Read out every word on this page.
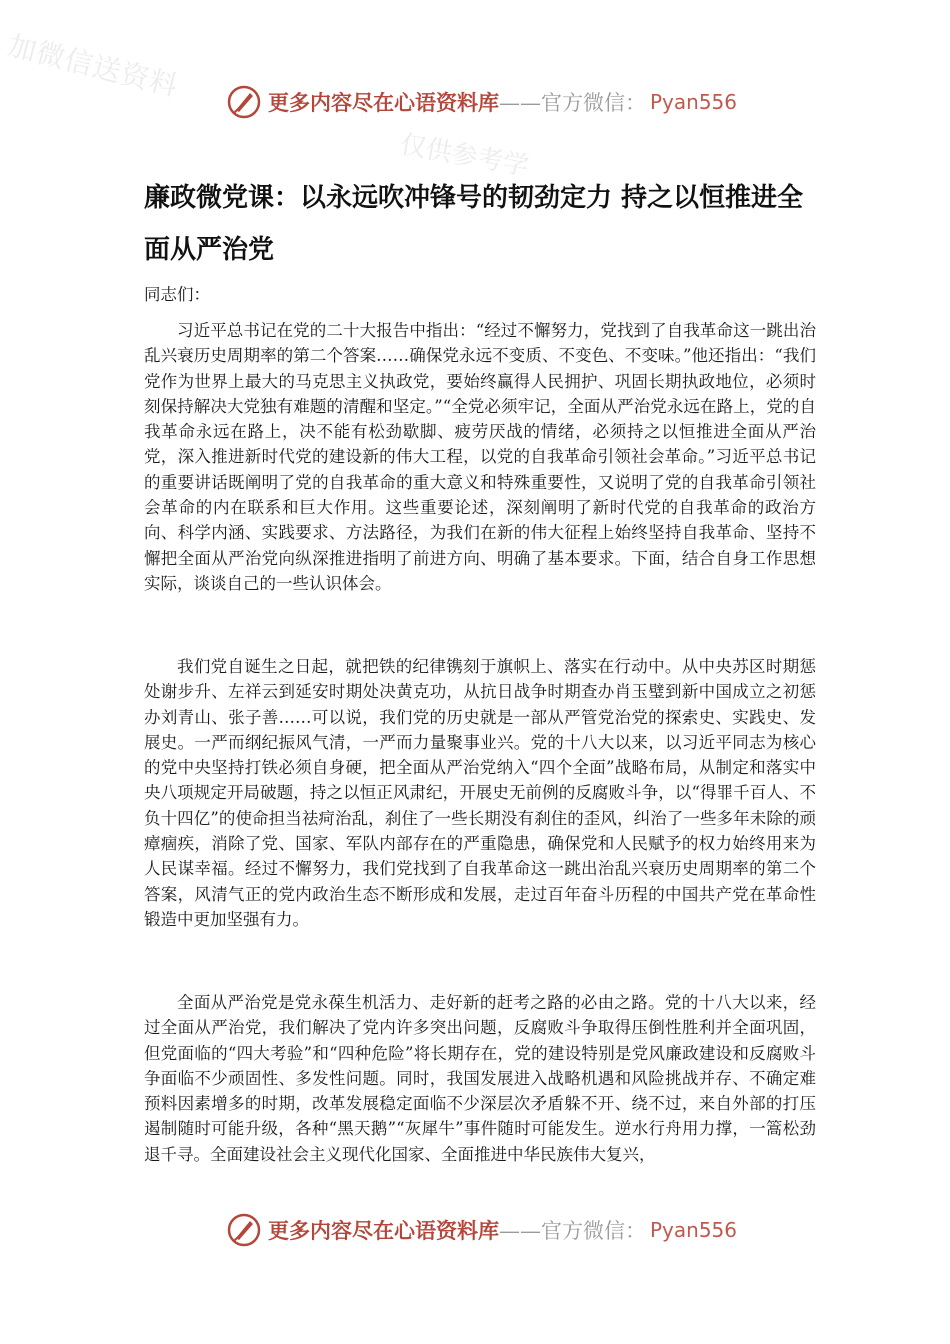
加微信送资料
仅供参考学
更多内容尽在心语资料库 ——官方微信： Pyan556
廉政微党课：以永远吹冲锋号的韧劲定力 持之以恒推进全面从严治党
同志们：

习近平总书记在党的二十大报告中指出：“经过不懈努力，党找到了自我革命这一跳出治乱兴衰历史周期率的第二个答案……确保党永远不变质、不变色、不变味。”他还指出：“我们党作为世界上最大的马克思主义执政党，要始终赢得人民拥护、巩固长期执政地位，必须时刻保持解决大党独有难题的清醒和坚定。”“全党必须牢记，全面从严治党永远在路上，党的自我革命永远在路上，决不能有松劲歇脚、疲劳厌战的情绪，必须持之以恒推进全面从严治党，深入推进新时代党的建设新的伟大工程，以党的自我革命引领社会革命。”习近平总书记的重要讲话既阐明了党的自我革命的重大意义和特殊重要性，又说明了党的自我革命引领社会革命的内在联系和巨大作用。这些重要论述，深刻阐明了新时代党的自我革命的政治方向、科学内涵、实践要求、方法路径，为我们在新的伟大征程上始终坚持自我革命、坚持不懈把全面从严治党向纵深推进指明了前进方向、明确了基本要求。下面，结合自身工作思想实际，谈谈自己的一些认识体会。

我们党自诞生之日起，就把铁的纪律镌刻于旗帜上、落实在行动中。从中央苏区时期惩处谢步升、左祥云到延安时期处决黄克功，从抗日战争时期查办肖玉璧到新中国成立之初惩办刘青山、张子善……可以说，我们党的历史就是一部从严管党治党的探索史、实践史、发展史。一严而纲纪振风气清，一严而力量聚事业兴。党的十八大以来，以习近平同志为核心的党中央坚持打铁必须自身硬，把全面从严治党纳入“四个全面”战略布局，从制定和落实中央八项规定开局破题，持之以恒正风肃纪，开展史无前例的反腐败斗争，以“得罪千百人、不负十四亿”的使命担当祛疴治乱，刹住了一些长期没有刹住的歪风，纠治了一些多年未除的顽瘴痼疾，消除了党、国家、军队内部存在的严重隐患，确保党和人民赋予的权力始终用来为人民谋幸福。经过不懈努力，我们党找到了自我革命这一跳出治乱兴衰历史周期率的第二个答案，风清气正的党内政治生态不断形成和发展，走过百年奋斗历程的中国共产党在革命性锻造中更加坚强有力。

全面从严治党是党永葆生机活力、走好新的赶考之路的必由之路。党的十八大以来，经过全面从严治党，我们解决了党内许多突出问题，反腐败斗争取得压倒性胜利并全面巩固，但党面临的“四大考验”和“四种危险”将长期存在，党的建设特别是党风廉政建设和反腐败斗争面临不少顽固性、多发性问题。同时，我国发展进入战略机遇和风险挑战并存、不确定难预料因素增多的时期，改革发展稳定面临不少深层次矛盾躲不开、绕不过，来自外部的打压遏制随时可能升级，各种“黑天鹅”“灰犀牛”事件随时可能发生。逆水行舟用力撑，一篙松劲退千寻。全面建设社会主义现代化国家、全面推进中华民族伟大复兴，

更多内容尽在心语资料库 ——官方微信： Pyan556
